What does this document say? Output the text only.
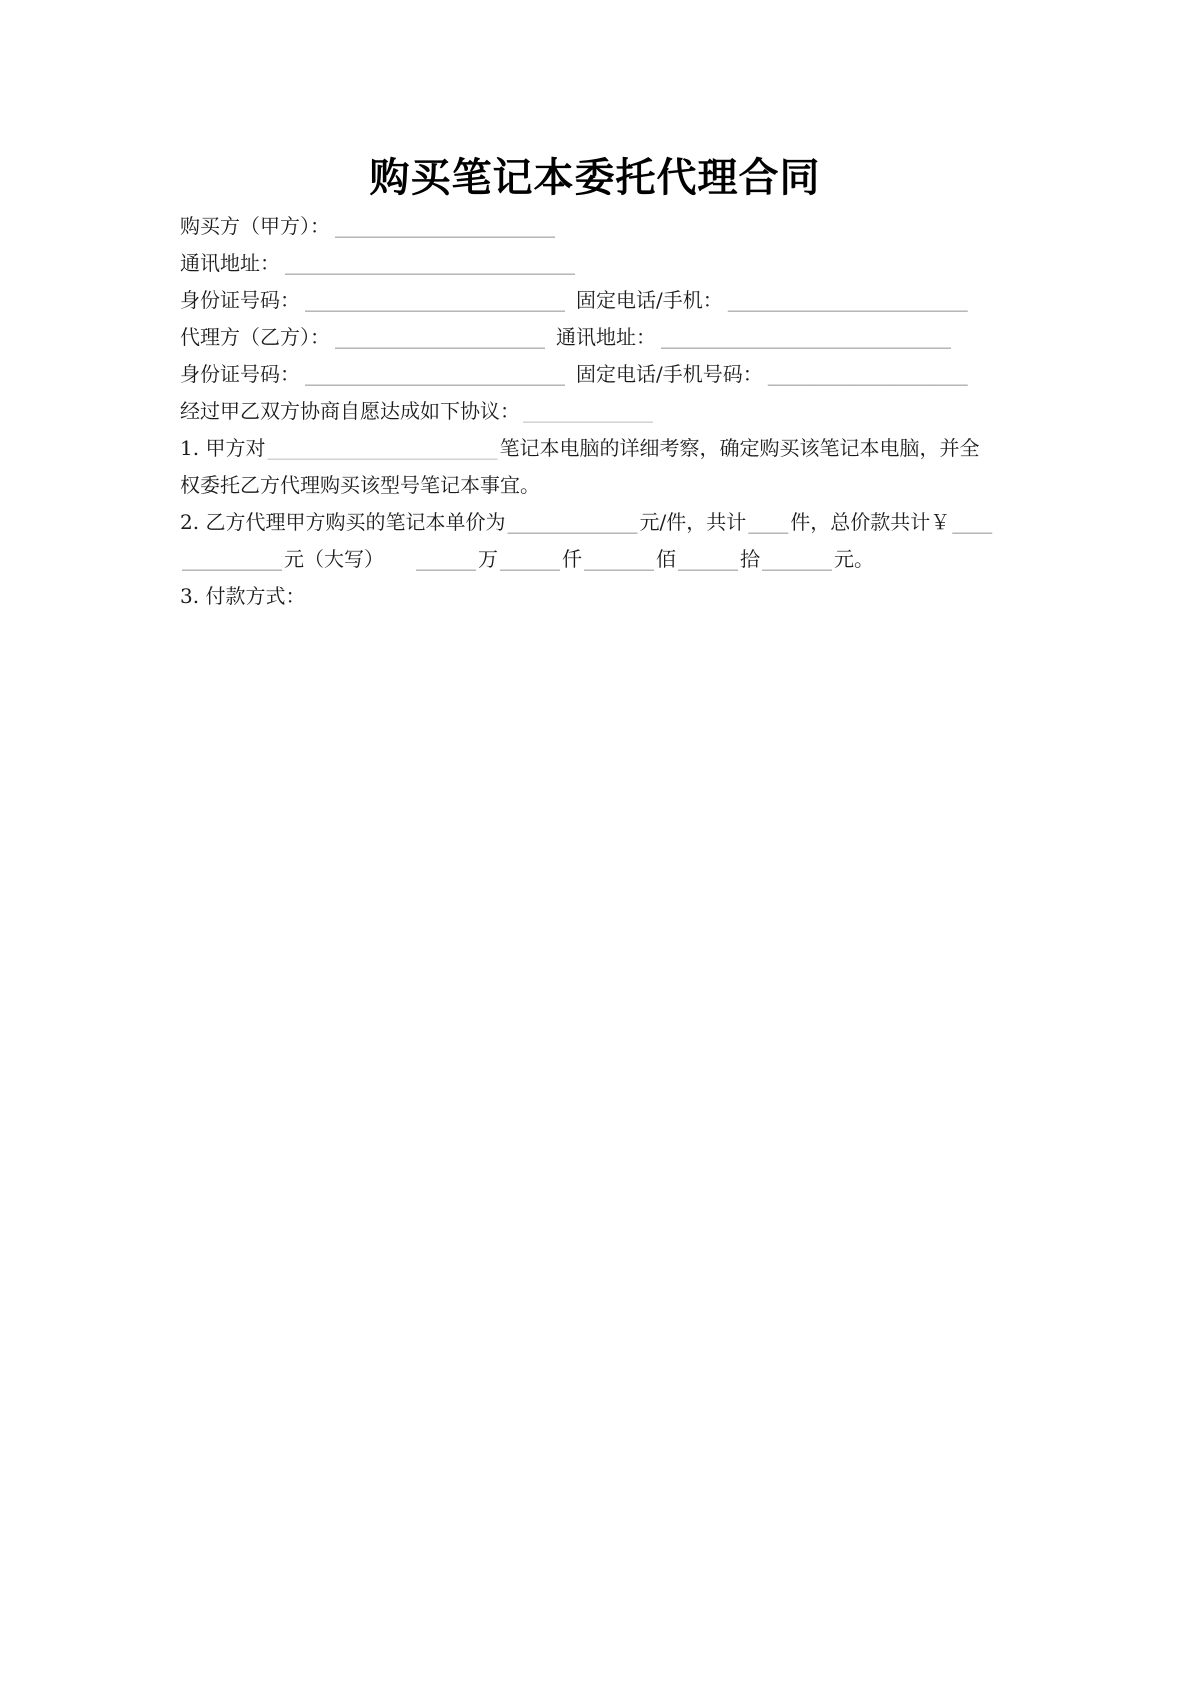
购买笔记本委托代理合同

购买方（甲方）： ______________________

通讯地址： _____________________________

身份证号码： __________________________ 固定电话/手机： ________________________

代理方（乙方）： _____________________ 通讯地址： _____________________________

身份证号码： __________________________ 固定电话/手机号码： ____________________

经过甲乙双方协商自愿达成如下协议： _____________

1. 甲方对 _______________________ 笔记本电脑的详细考察，确定购买该笔记本电脑，并全
权委托乙方代理购买该型号笔记本事宜。

2. 乙方代理甲方购买的笔记本单价为 _____________ 元/件，共计 ____ 件，总价款共计￥ ____
__________ 元（大写）　　 ______ 万 ______ 仟 _______ 佰 ______ 拾 _______ 元。

3. 付款方式：
